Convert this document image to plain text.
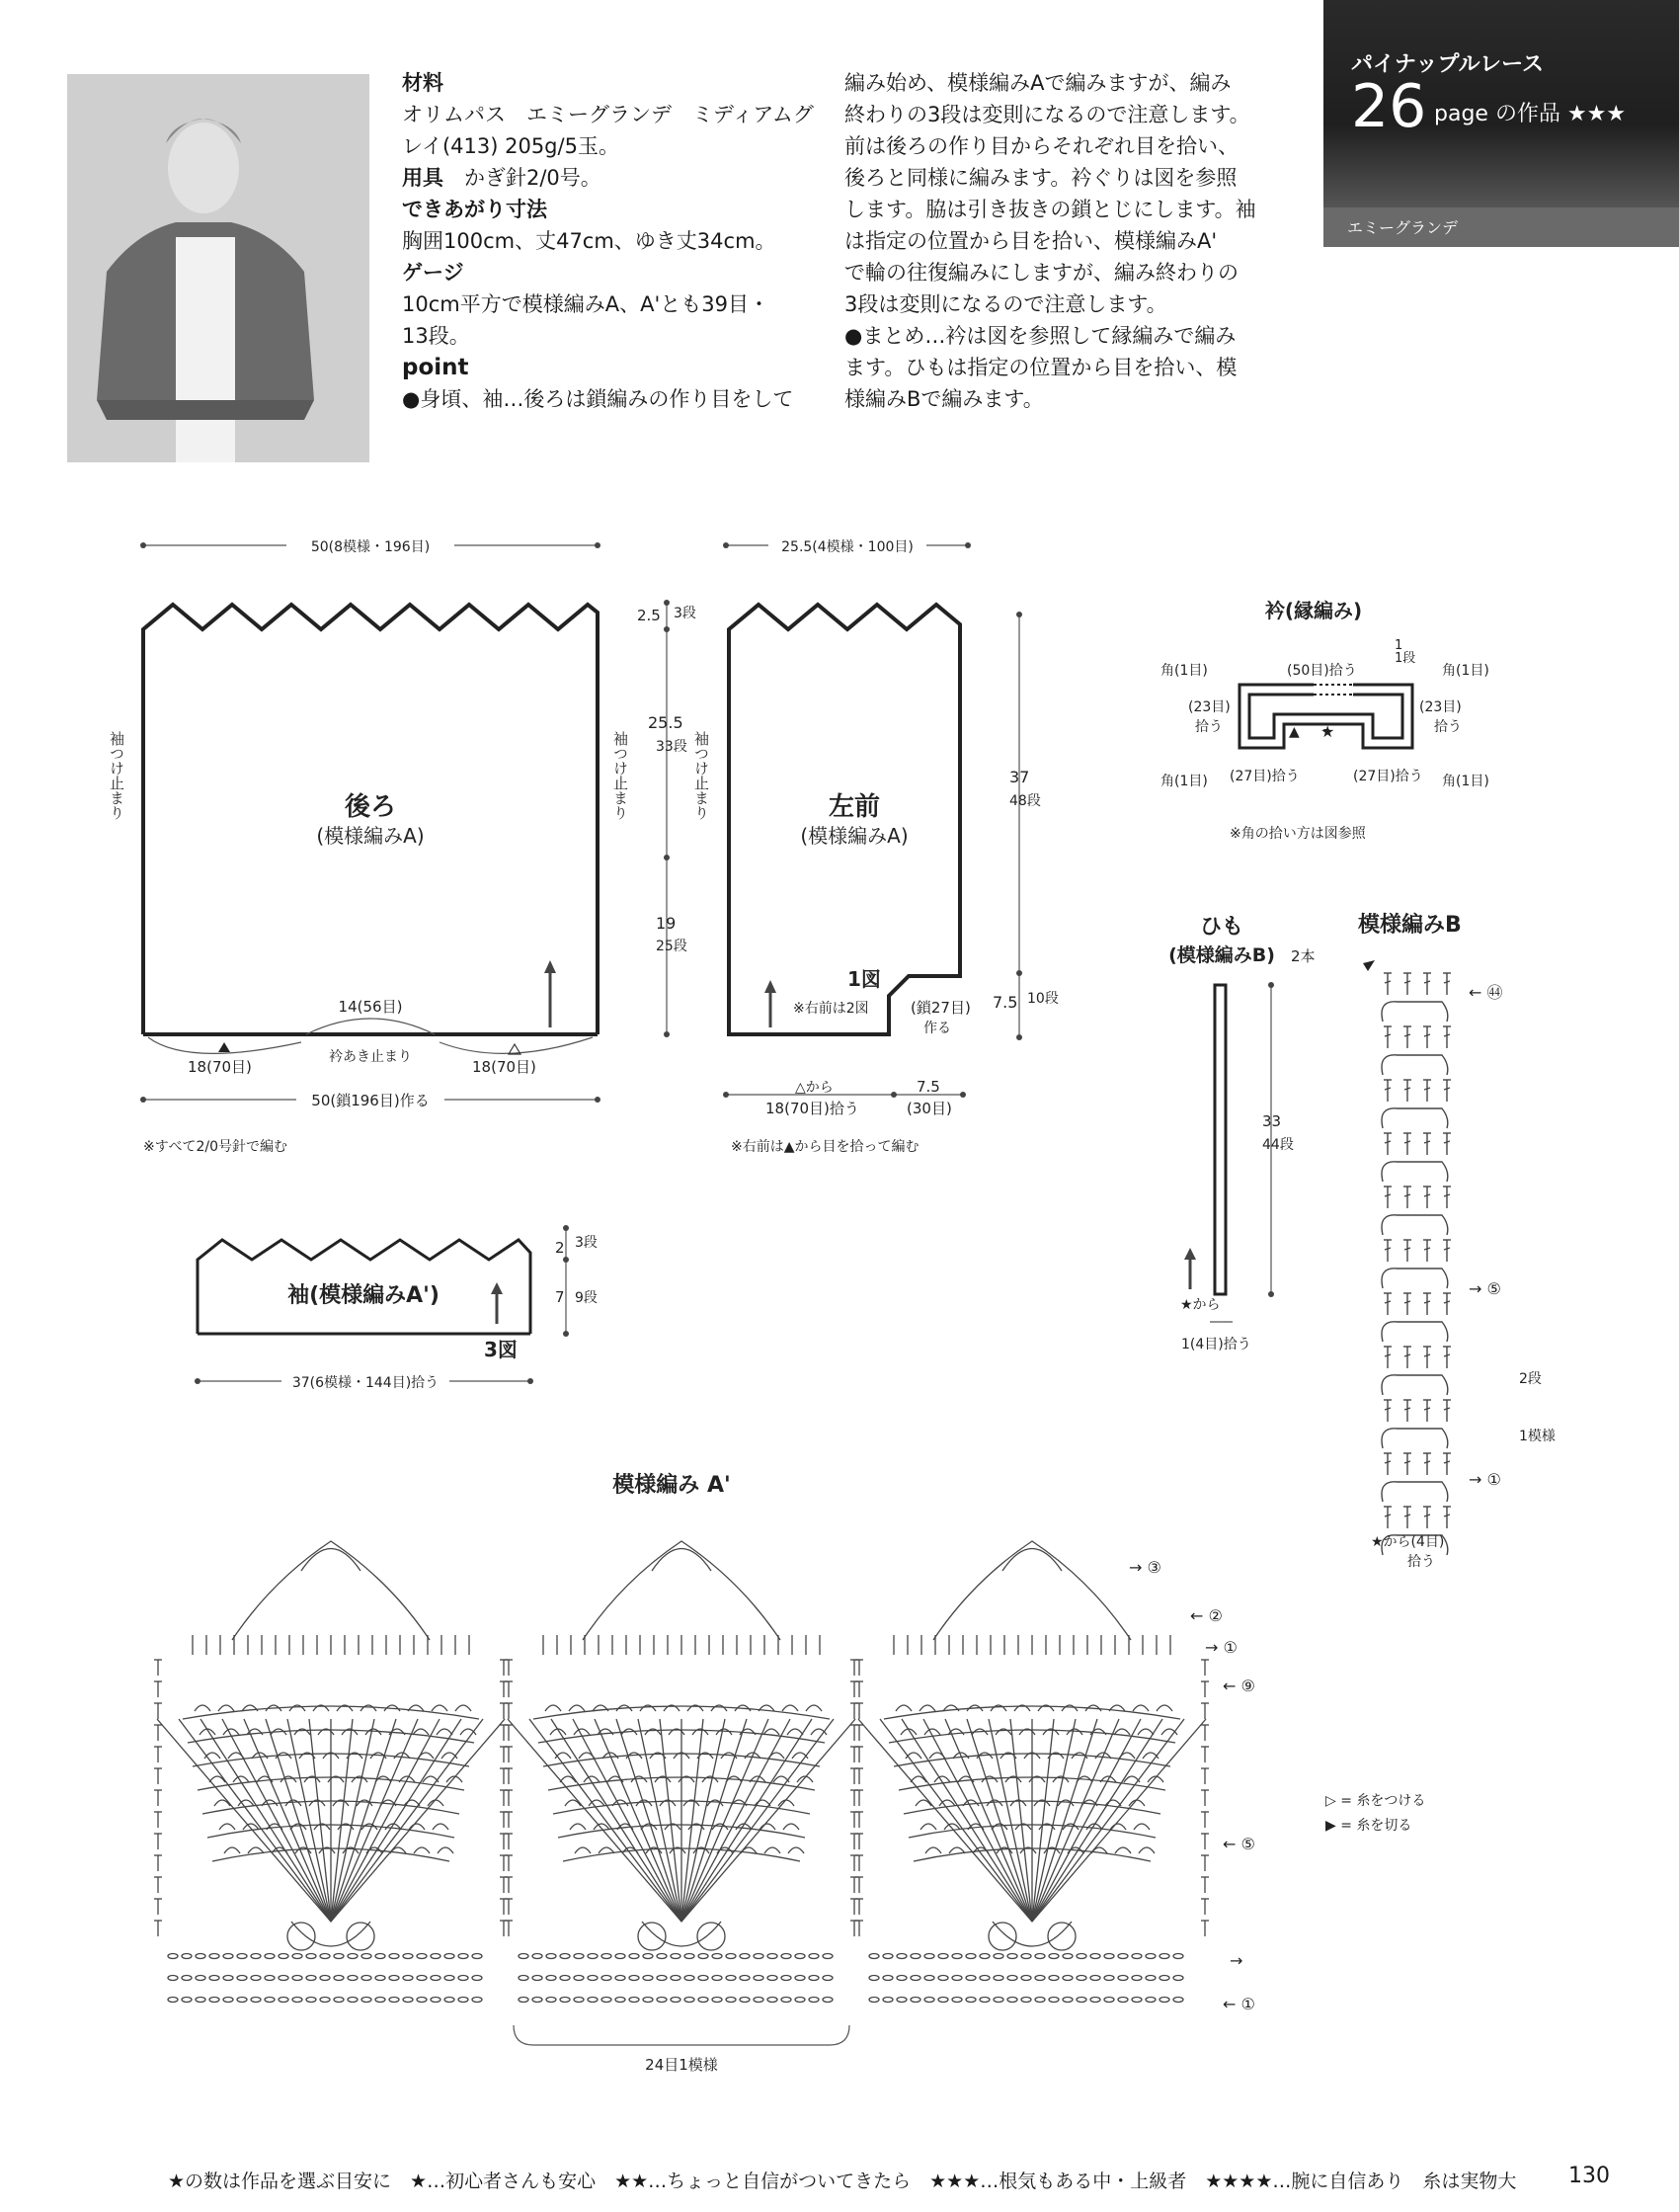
材料
オリムパス　エミーグランデ　ミディアムグ
レイ(413) 205g/5玉。
用具　 かぎ針2/0号。
できあがり寸法
胸囲100cm、丈47cm、ゆき丈34cm。
ゲージ
10cm平方で模様編みA、A'とも39目・
13段。
point
●身頃、袖…後ろは鎖編みの作り目をして
編み始め、模様編みAで編みますが、編み
終わりの3段は変則になるので注意します。
前は後ろの作り目からそれぞれ目を拾い、
後ろと同様に編みます。衿ぐりは図を参照
します。脇は引き抜きの鎖とじにします。袖
は指定の位置から目を拾い、模様編みA'
で輪の往復編みにしますが、編み終わりの
3段は変則になるので注意します。
●まとめ…衿は図を参照して縁編みで編み
ます。ひもは指定の位置から目を拾い、模
様編みBで編みます。
パイナップルレース
26 page の作品 ★★★
エミーグランデ
50(8模様・196目)
後ろ
(模様編みA)
袖つけ止まり	袖つけ止まり
2.5 3段
25.5
33段
19
25段
14(56目)
18(70目)
衿あき止まり
18(70目)
50(鎖196目)作る
※すべて2/0号針で編む
25.5(4模様・100目)
左前
(模様編みA)
袖つけ止まり	37
48段
7.5 10段
1図
※右前は2図	(鎖27目)
作る
△から
18(70目)拾う
7.5
(30目)
※右前は▲から目を拾って編む
袖(模様編みA')
3図
2 3段
7 9段
37(6模様・144目)拾う
衿(縁編み)
▲ ★
角(1目)	(50目)拾う
1
1段
角(1目)
(23目)
拾う
(23目)
拾う
角(1目) (27目)拾う	(27目)拾う 角(1目)
※角の拾い方は図参照
ひも
(模様編みB) 2本
33
44段
★から
1(4目)拾う
模様編みB
← ㊹
→ ⑤
2段
1模様
→ ①
★から(4目)
拾う
模様編み A'
→ ③
← ②
→ ①
← ⑨
← ⑤
→
← ①
24目1模様
▷ = 糸をつける
▶ = 糸を切る
★の数は作品を選ぶ目安に　★…初心者さんも安心　★★…ちょっと自信がついてきたら　★★★…根気もある中・上級者　★★★★…腕に自信あり　糸は実物大 130
